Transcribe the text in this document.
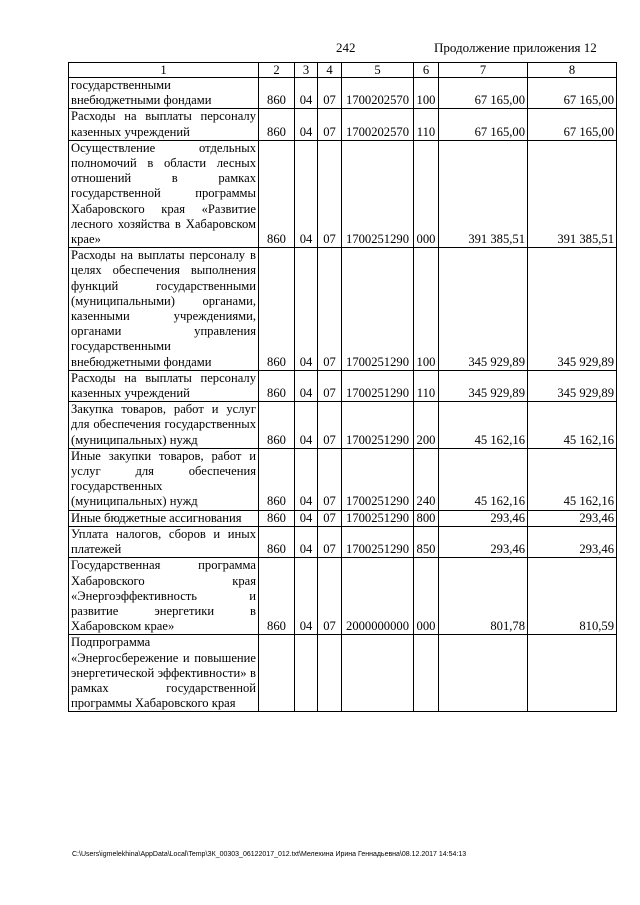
242	Продолжение приложения 12
1	2	3	4	5	6	7	8
государственными внебюджетными фондами	860	04	07	1700202570	100	67 165,00	67 165,00
Расходы на выплаты персоналу казенных учреждений	860	04	07	1700202570	110	67 165,00	67 165,00
Осуществление отдельных полномочий в области лесных отношений в рамках государственной программы Хабаровского края «Развитие лесного хозяйства в Хабаровском крае»	860	04	07	1700251290	000	391 385,51	391 385,51
Расходы на выплаты персоналу в целях обеспечения выполнения функций государственными (муниципальными) органами, казенными учреждениями, органами управления государственными внебюджетными фондами	860	04	07	1700251290	100	345 929,89	345 929,89
Расходы на выплаты персоналу казенных учреждений	860	04	07	1700251290	110	345 929,89	345 929,89
Закупка товаров, работ и услуг для обеспечения государственных (муниципальных) нужд	860	04	07	1700251290	200	45 162,16	45 162,16
Иные закупки товаров, работ и услуг для обеспечения государственных (муниципальных) нужд	860	04	07	1700251290	240	45 162,16	45 162,16
Иные бюджетные ассигнования	860	04	07	1700251290	800	293,46	293,46
Уплата налогов, сборов и иных платежей	860	04	07	1700251290	850	293,46	293,46
Государственная программа Хабаровского края «Энергоэффективность и развитие энергетики в Хабаровском крае»	860	04	07	2000000000	000	801,78	810,59
Подпрограмма «Энергосбережение и повышение энергетической эффективности» в рамках государственной программы Хабаровского края							
C:\Users\igmelekhina\AppData\Local\Temp\ЗК_00303_06122017_012.txt\Мелехина Ирина Геннадьевна\08.12.2017 14:54:13
